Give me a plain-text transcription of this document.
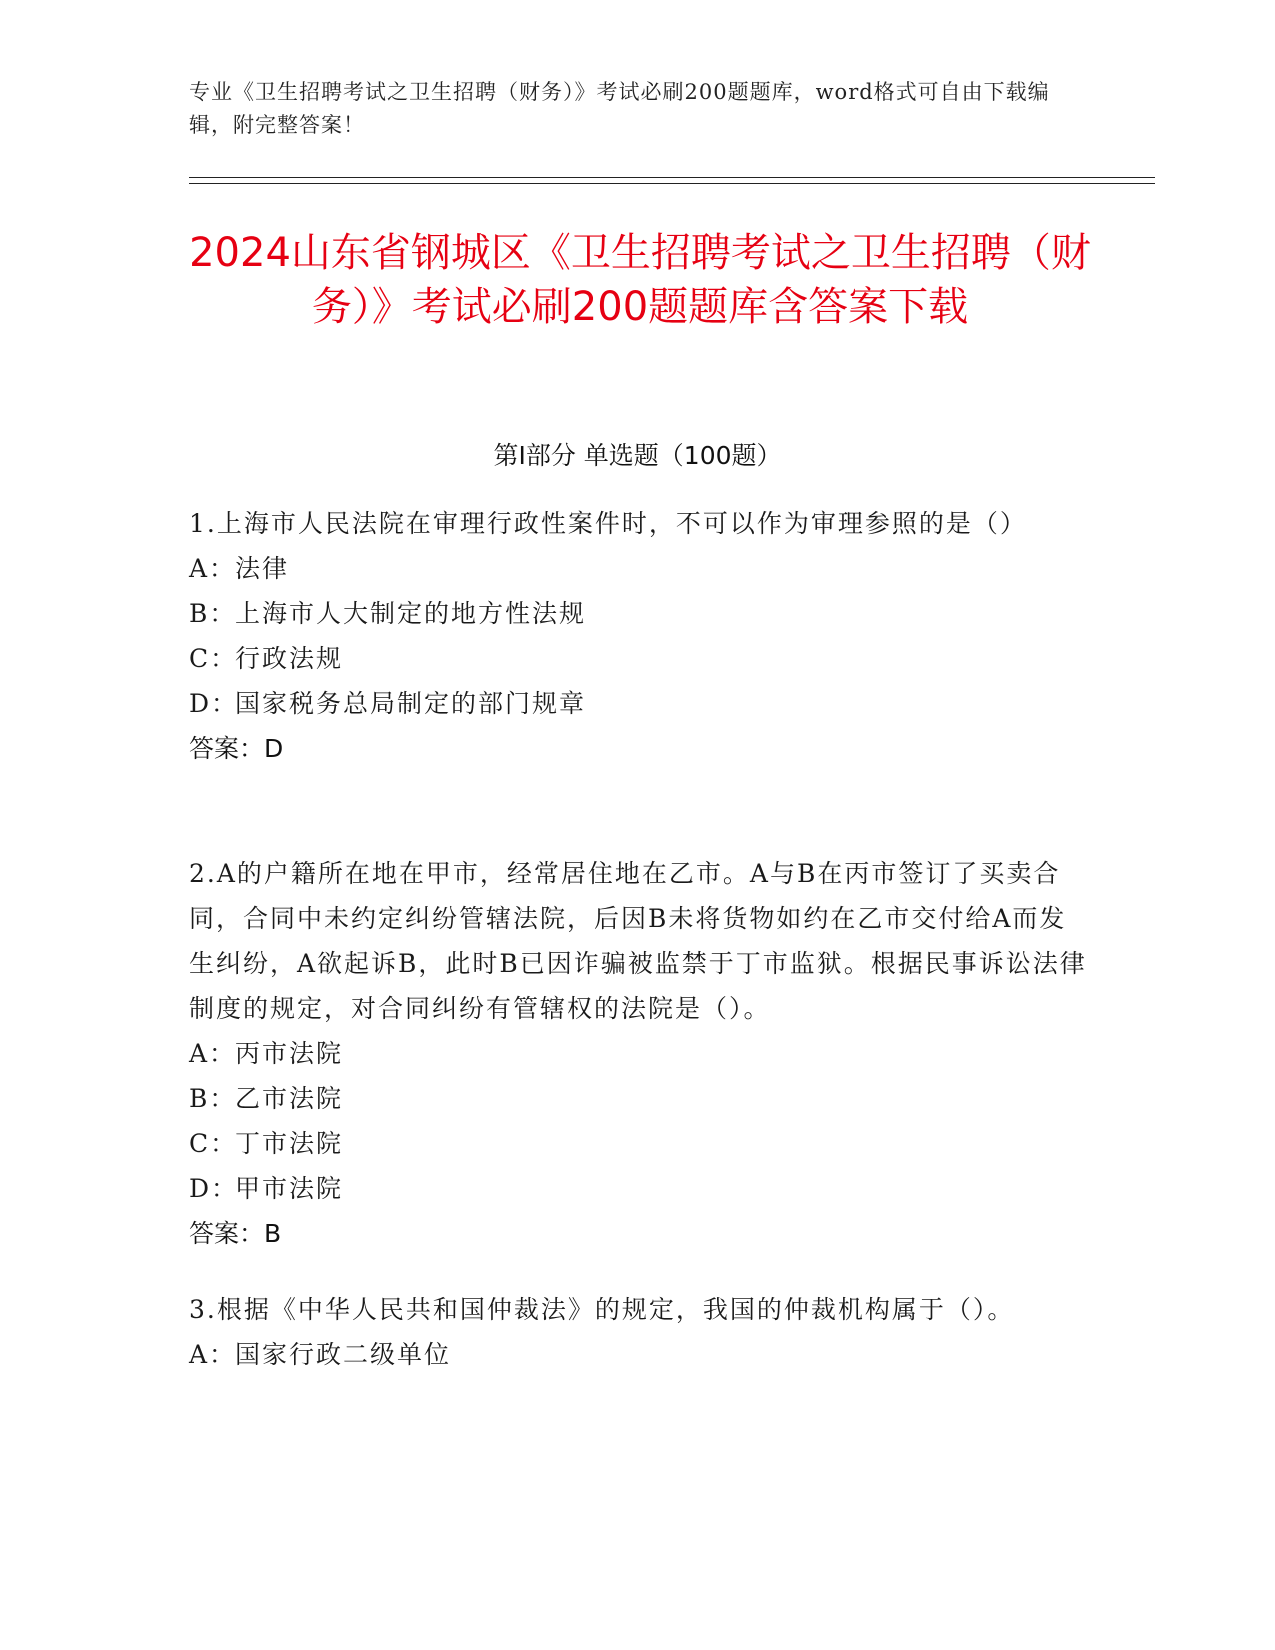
专业《卫生招聘考试之卫生招聘（财务）》考试必刷200题题库，word格式可自由下载编辑，附完整答案！
2024山东省钢城区《卫生招聘考试之卫生招聘（财务）》考试必刷200题题库含答案下载
第Ⅰ部分 单选题（100题）
1.上海市人民法院在审理行政性案件时，不可以作为审理参照的是（）
A：法律
B：上海市人大制定的地方性法规
C：行政法规
D：国家税务总局制定的部门规章
答案：D
2.A的户籍所在地在甲市，经常居住地在乙市。A与B在丙市签订了买卖合同，合同中未约定纠纷管辖法院，后因B未将货物如约在乙市交付给A而发生纠纷，A欲起诉B，此时B已因诈骗被监禁于丁市监狱。根据民事诉讼法律制度的规定，对合同纠纷有管辖权的法院是（）。
A：丙市法院
B：乙市法院
C：丁市法院
D：甲市法院
答案：B
3.根据《中华人民共和国仲裁法》的规定，我国的仲裁机构属于（）。
A：国家行政二级单位
